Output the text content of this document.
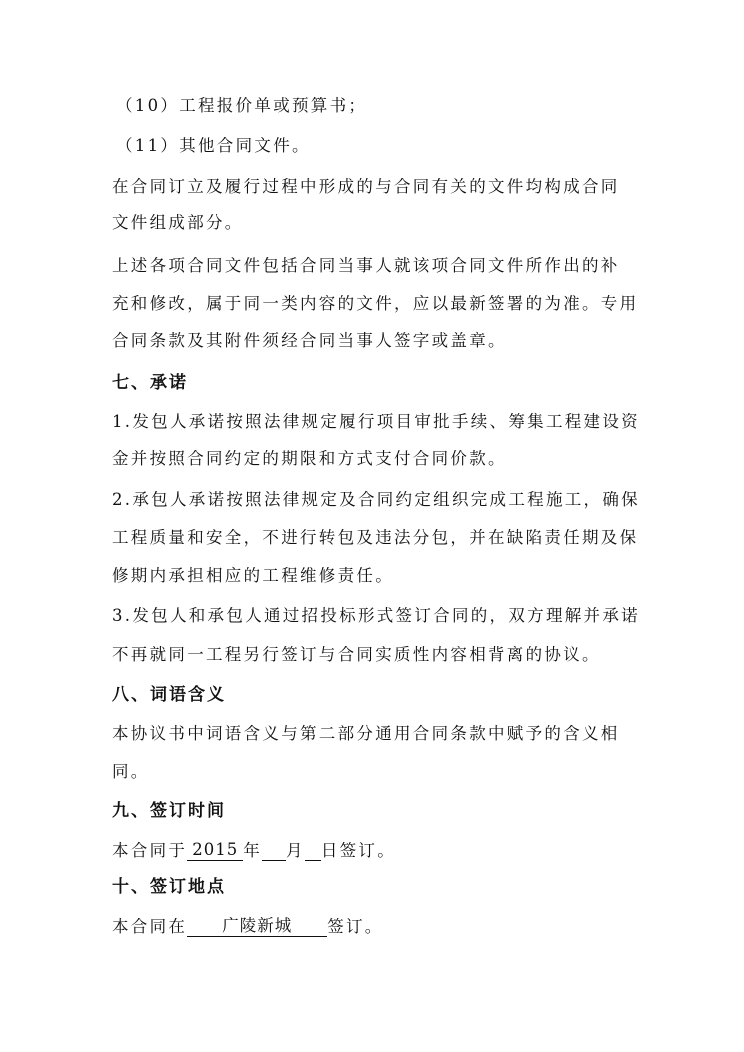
（10）工程报价单或预算书；
（11）其他合同文件。
在合同订立及履行过程中形成的与合同有关的文件均构成合同
文件组成部分。
上述各项合同文件包括合同当事人就该项合同文件所作出的补
充和修改，属于同一类内容的文件，应以最新签署的为准。专用
合同条款及其附件须经合同当事人签字或盖章。
七、承诺
1.发包人承诺按照法律规定履行项目审批手续、筹集工程建设资
金并按照合同约定的期限和方式支付合同价款。
2.承包人承诺按照法律规定及合同约定组织完成工程施工，确保
工程质量和安全，不进行转包及违法分包，并在缺陷责任期及保
修期内承担相应的工程维修责任。
3.发包人和承包人通过招投标形式签订合同的，双方理解并承诺
不再就同一工程另行签订与合同实质性内容相背离的协议。
八、词语含义
本协议书中词语含义与第二部分通用合同条款中赋予的含义相
同。
九、签订时间
本合同于 2015 年 月 日签订。
十、签订地点
本合同在 广陵新城 签订。
